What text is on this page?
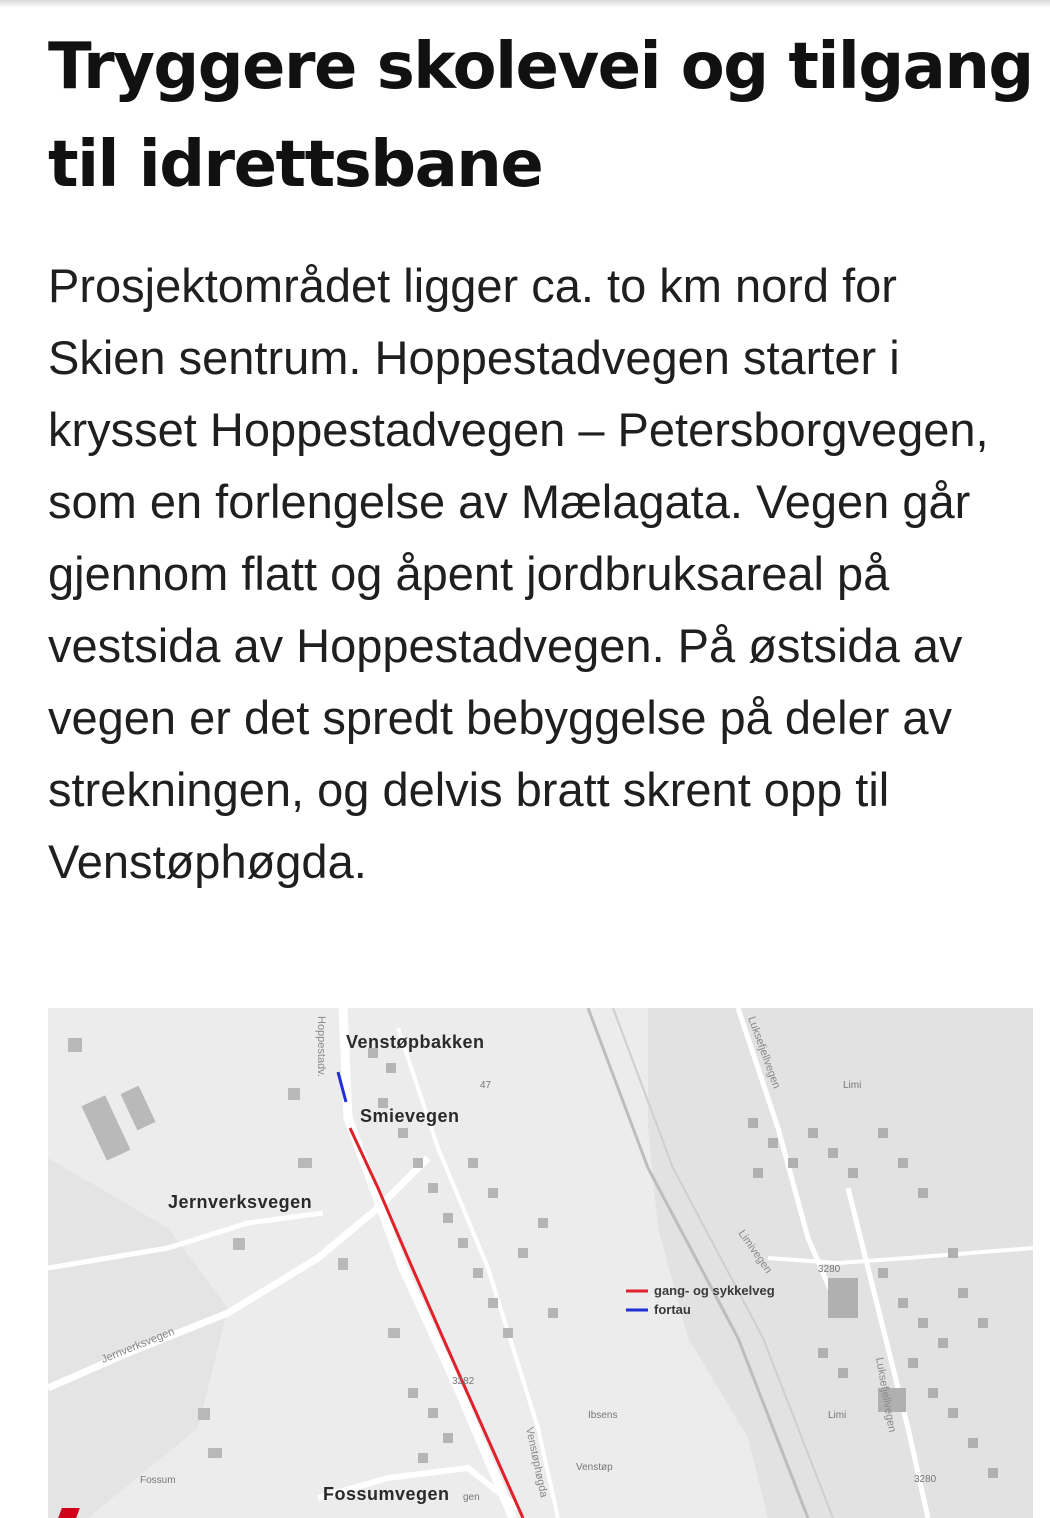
Tryggere skolevei og tilgang til idrettsbane

Prosjektområdet ligger ca. to km nord for Skien sentrum. Hoppestadvegen starter i krysset Hoppestadvegen – Petersborgvegen, som en forlengelse av Mælagata. Vegen går gjennom flatt og åpent jordbruksareal på vestsida av Hoppestadvegen. På østsida av vegen er det spredt bebyggelse på deler av strekningen, og delvis bratt skrent opp til Venstøphøgda.

Venstøpbakken
Smievegen
Jernverksvegen
Fossumvegen
Hoppestadv.
Jernverksvegen
Luksefjellvegen
Luksefjellvegen
Limi
Limi
Limivegen	3280
3280
3282
Ibsens
Venstøp
Venstøphøgda
Fossum
gen
47
gang- og sykkelveg
fortau
